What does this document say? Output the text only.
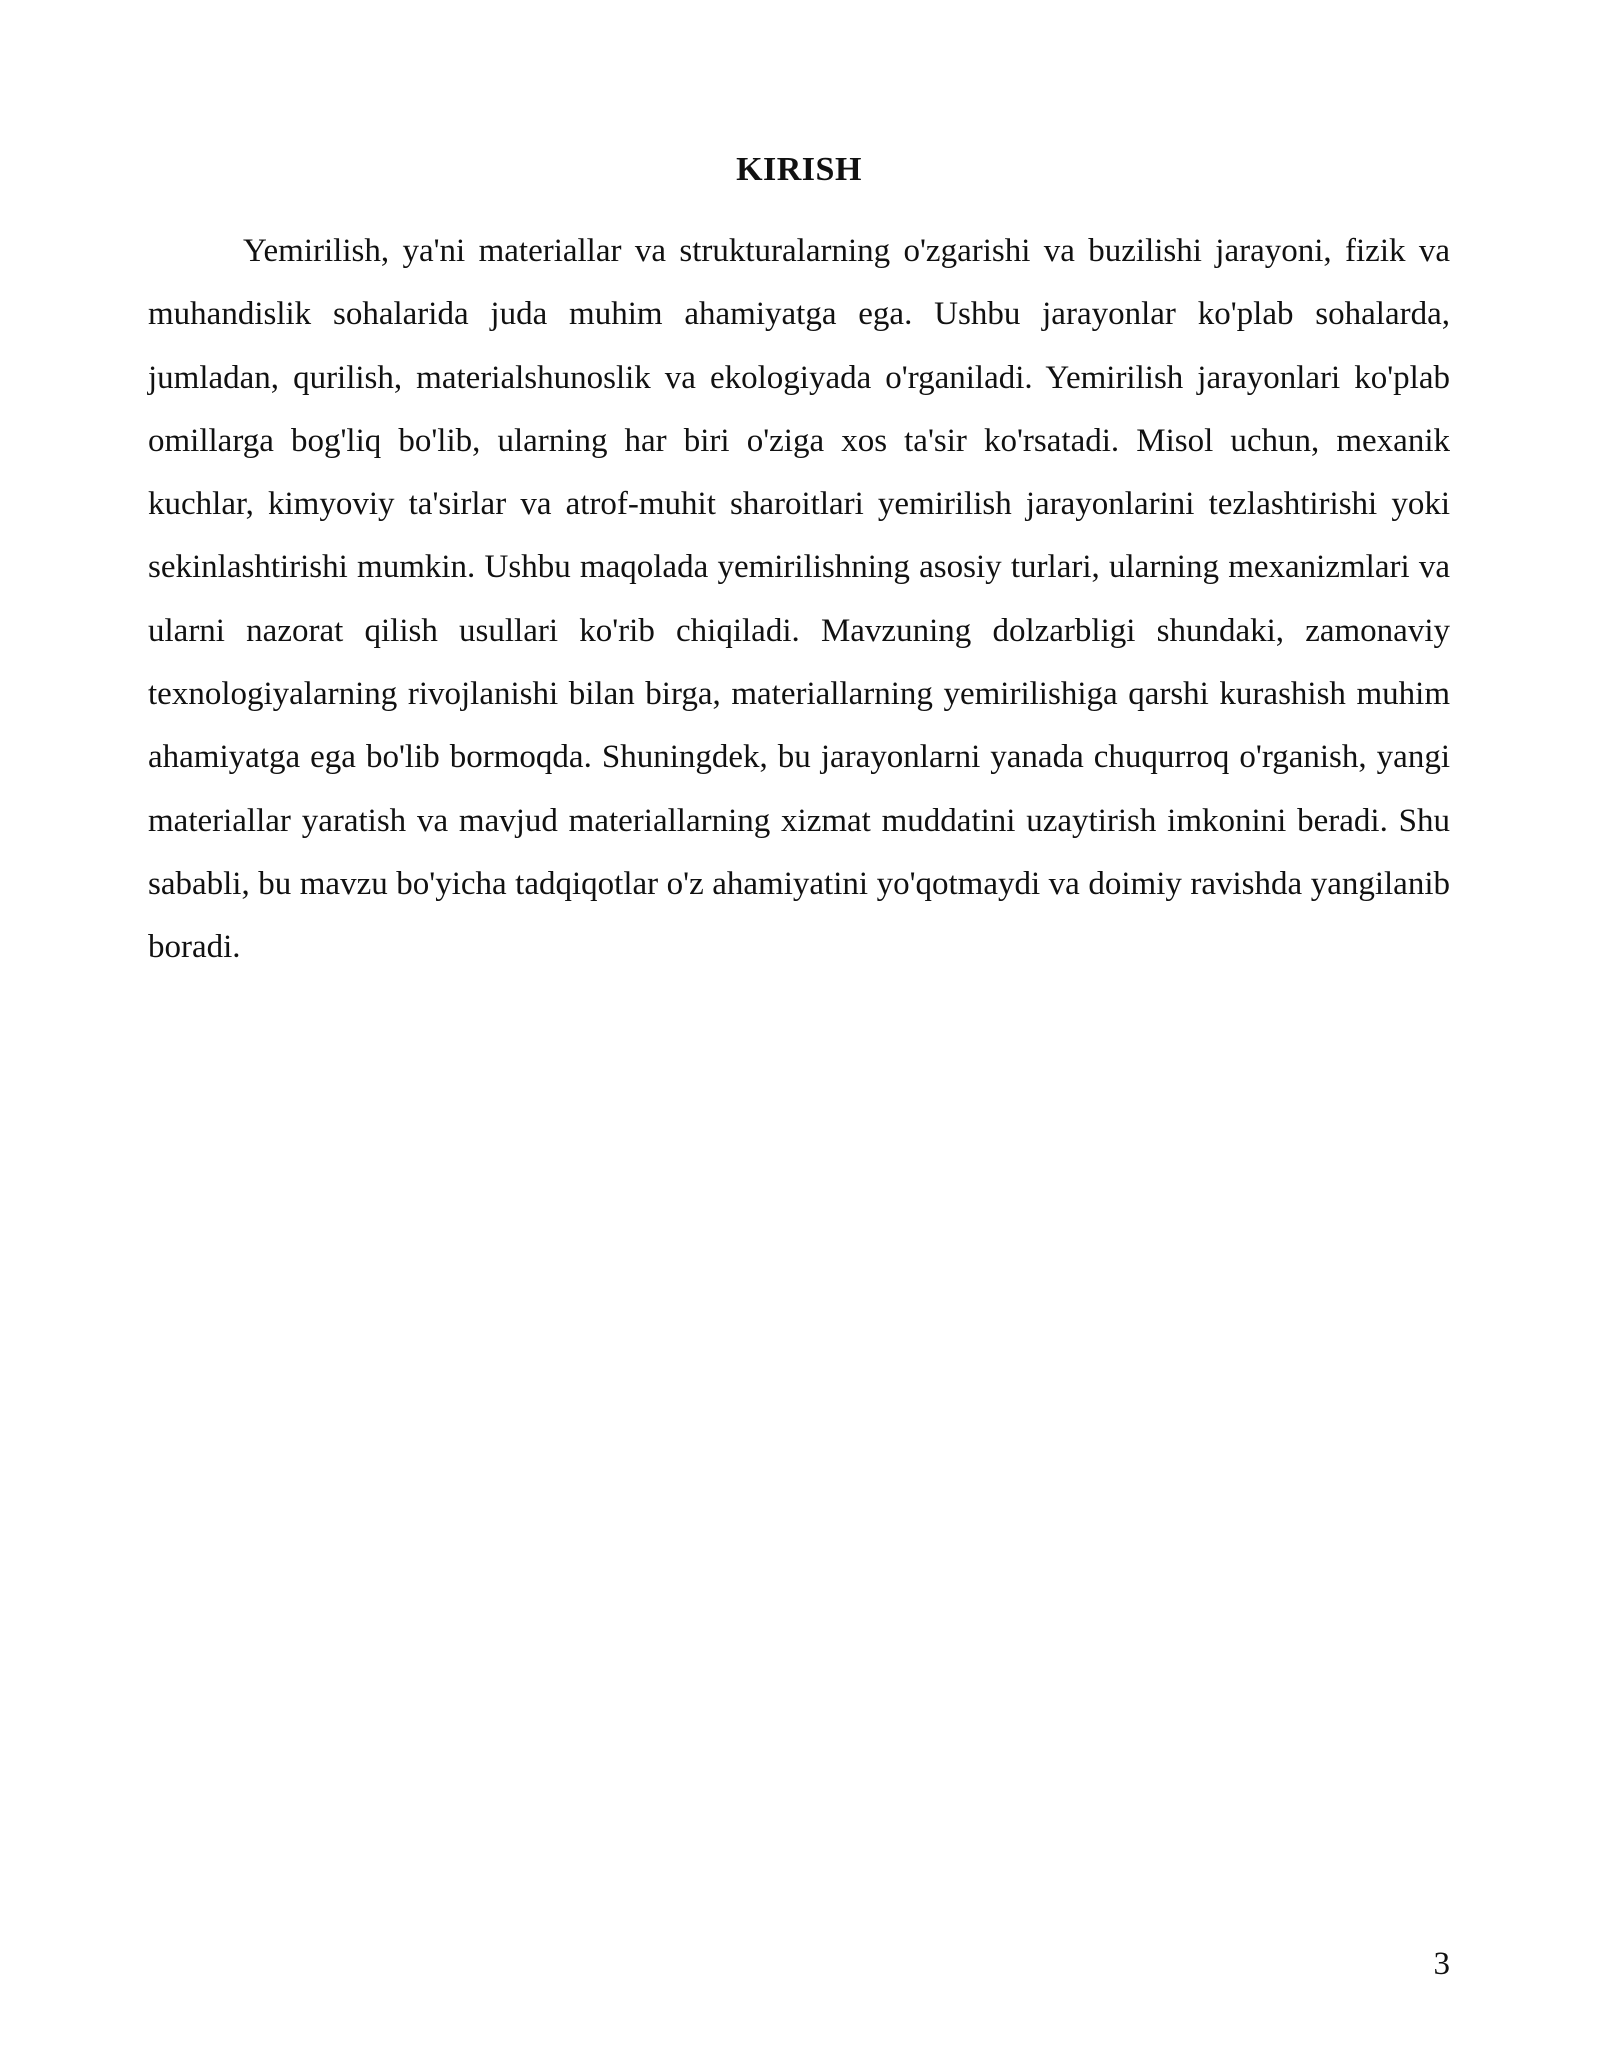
KIRISH

Yemirilish, ya'ni materiallar va strukturalarning o'zgarishi va buzilishi jarayoni, fizik va muhandislik sohalarida juda muhim ahamiyatga ega. Ushbu jarayonlar ko'plab sohalarda, jumladan, qurilish, materialshunoslik va ekologiyada o'rganiladi. Yemirilish jarayonlari ko'plab omillarga bog'liq bo'lib, ularning har biri o'ziga xos ta'sir ko'rsatadi. Misol uchun, mexanik kuchlar, kimyoviy ta'sirlar va atrof-muhit sharoitlari yemirilish jarayonlarini tezlashtirishi yoki sekinlashtirishi mumkin. Ushbu maqolada yemirilishning asosiy turlari, ularning mexanizmlari va ularni nazorat qilish usullari ko'rib chiqiladi. Mavzuning dolzarbligi shundaki, zamonaviy texnologiyalarning rivojlanishi bilan birga, materiallarning yemirilishiga qarshi kurashish muhim ahamiyatga ega bo'lib bormoqda. Shuningdek, bu jarayonlarni yanada chuqurroq o'rganish, yangi materiallar yaratish va mavjud materiallarning xizmat muddatini uzaytirish imkonini beradi. Shu sababli, bu mavzu bo'yicha tadqiqotlar o'z ahamiyatini yo'qotmaydi va doimiy ravishda yangilanib boradi.

3
